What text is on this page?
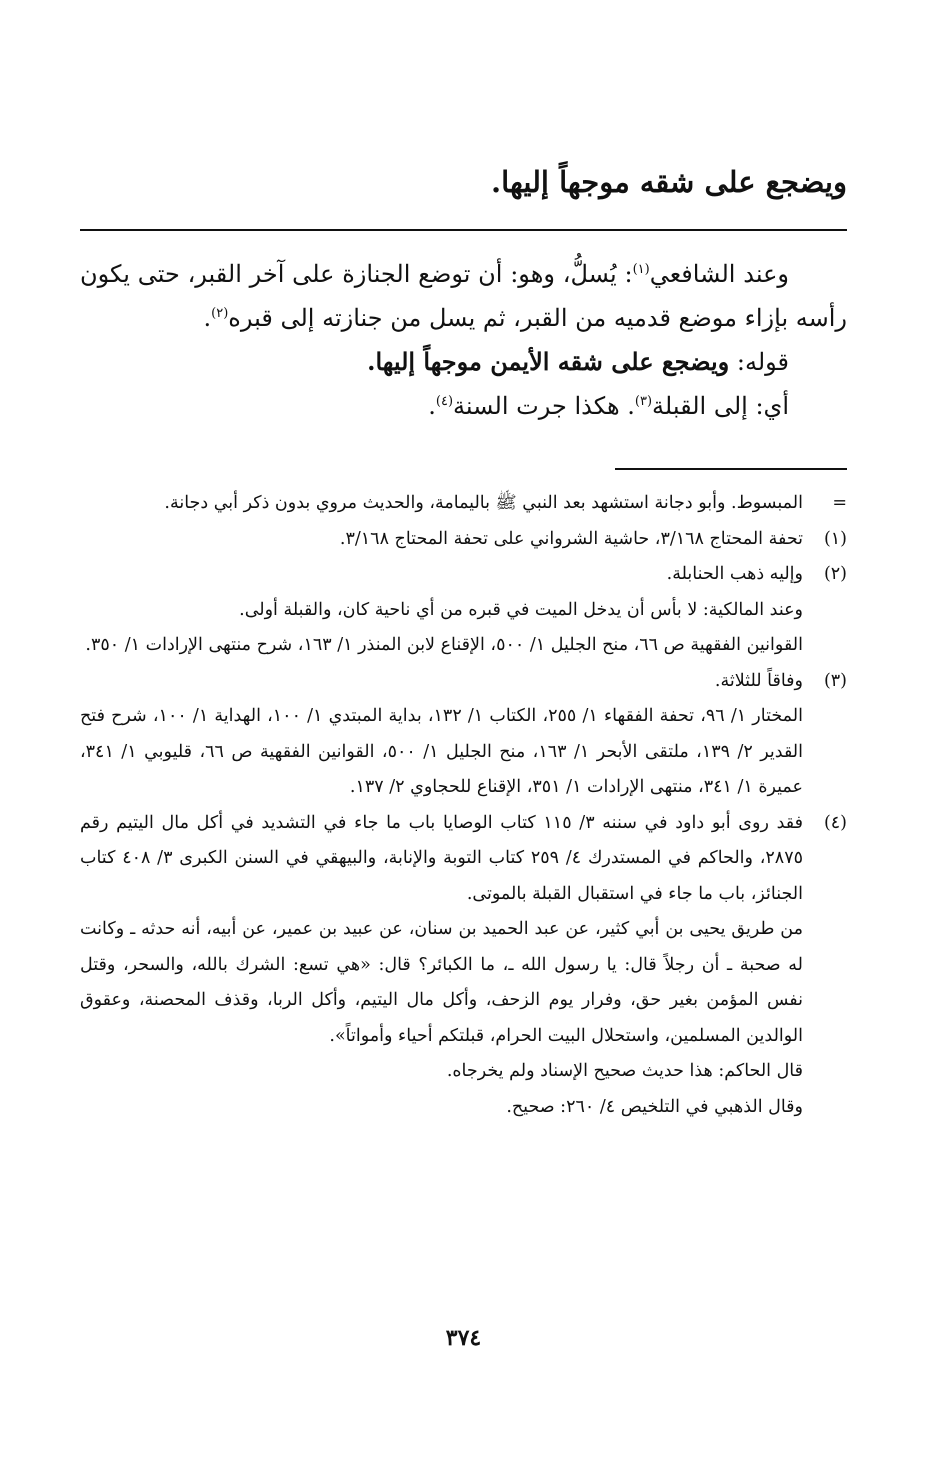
ويضجع على شقه موجهاً إليها.

وعند الشافعي$^{(١)}$: يُسلُّ، وهو: أن توضع الجنازة على آخر القبر، حتى يكون رأسه بإزاء موضع قدميه من القبر، ثم يسل من جنازته إلى قبره$^{(٢)}$.

قوله: ويضجع على شقه الأيمن موجهاً إليها.

أي: إلى القبلة$^{(٣)}$. هكذا جرت السنة$^{(٤)}$.

=
المبسوط. وأبو دجانة استشهد بعد النبي ﷺ باليمامة، والحديث مروي بدون ذكر أبي دجانة.
(١)
تحفة المحتاج ٣/١٦٨، حاشية الشرواني على تحفة المحتاج ٣/١٦٨.
(٢)
وإليه ذهب الحنابلة.
وعند المالكية: لا بأس أن يدخل الميت في قبره من أي ناحية كان، والقبلة أولى.
القوانين الفقهية ص ٦٦، منح الجليل ١/ ٥٠٠، الإقناع لابن المنذر ١/ ١٦٣، شرح منتهى الإرادات ١/ ٣٥٠.
(٣)
وفاقاً للثلاثة.
المختار ١/ ٩٦، تحفة الفقهاء ١/ ٢٥٥، الكتاب ١/ ١٣٢، بداية المبتدي ١/ ١٠٠، الهداية ١/ ١٠٠، شرح فتح القدير ٢/ ١٣٩، ملتقى الأبحر ١/ ١٦٣، منح الجليل ١/ ٥٠٠، القوانين الفقهية ص ٦٦، قليوبي ١/ ٣٤١، عميرة ١/ ٣٤١، منتهى الإرادات ١/ ٣٥١، الإقناع للحجاوي ٢/ ١٣٧.
(٤)
فقد روى أبو داود في سننه ٣/ ١١٥ كتاب الوصايا باب ما جاء في التشديد في أكل مال اليتيم رقم ٢٨٧٥، والحاكم في المستدرك ٤/ ٢٥٩ كتاب التوبة والإنابة، والبيهقي في السنن الكبرى ٣/ ٤٠٨ كتاب الجنائز، باب ما جاء في استقبال القبلة بالموتى.
من طريق يحيى بن أبي كثير، عن عبد الحميد بن سنان، عن عبيد بن عمير، عن أبيه، أنه حدثه ـ وكانت له صحبة ـ أن رجلاً قال: يا رسول الله ـ، ما الكبائر؟ قال: «هي تسع: الشرك بالله، والسحر، وقتل نفس المؤمن بغير حق، وفرار يوم الزحف، وأكل مال اليتيم، وأكل الربا، وقذف المحصنة، وعقوق الوالدين المسلمين، واستحلال البيت الحرام، قبلتكم أحياء وأمواتاً».
قال الحاكم: هذا حديث صحيح الإسناد ولم يخرجاه.
وقال الذهبي في التلخيص ٤/ ٢٦٠: صحيح.
٣٧٤
